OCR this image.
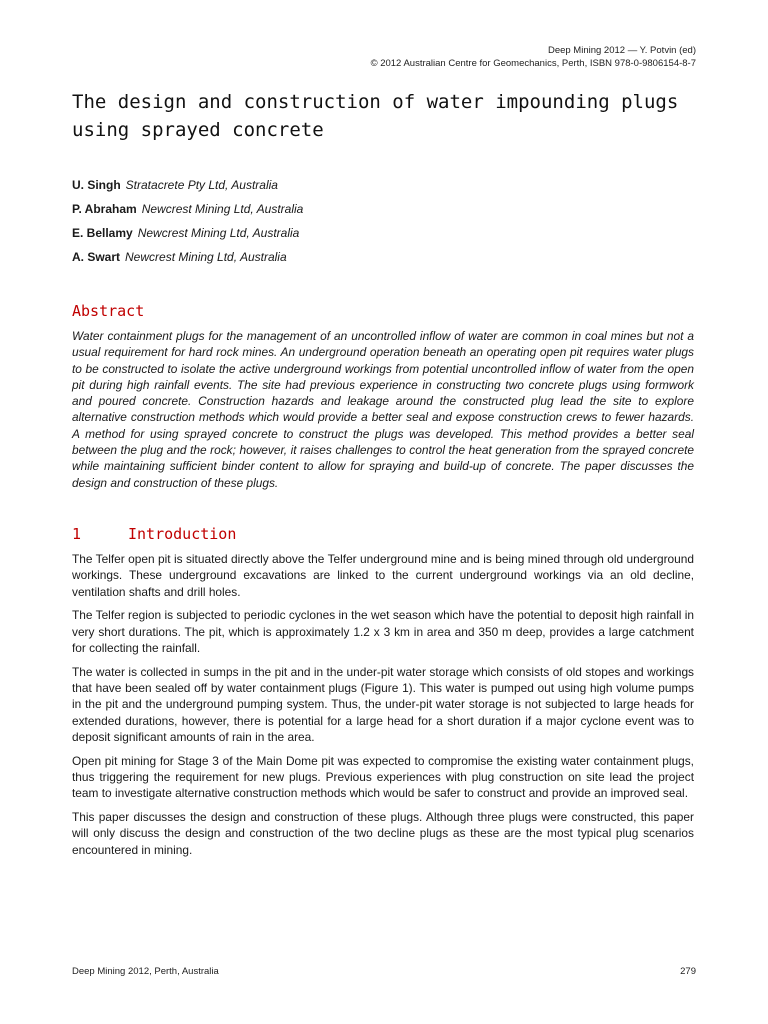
Deep Mining 2012 — Y. Potvin (ed)
© 2012 Australian Centre for Geomechanics, Perth, ISBN 978-0-9806154-8-7
The design and construction of water impounding plugs using sprayed concrete
U. Singh Stratacrete Pty Ltd, Australia
P. Abraham Newcrest Mining Ltd, Australia
E. Bellamy Newcrest Mining Ltd, Australia
A. Swart Newcrest Mining Ltd, Australia
Abstract

Water containment plugs for the management of an uncontrolled inflow of water are common in coal mines but not a usual requirement for hard rock mines. An underground operation beneath an operating open pit requires water plugs to be constructed to isolate the active underground workings from potential uncontrolled inflow of water from the open pit during high rainfall events. The site had previous experience in constructing two concrete plugs using formwork and poured concrete. Construction hazards and leakage around the constructed plug lead the site to explore alternative construction methods which would provide a better seal and expose construction crews to fewer hazards. A method for using sprayed concrete to construct the plugs was developed. This method provides a better seal between the plug and the rock; however, it raises challenges to control the heat generation from the sprayed concrete while maintaining sufficient binder content to allow for spraying and build-up of concrete. The paper discusses the design and construction of these plugs.

1	Introduction

The Telfer open pit is situated directly above the Telfer underground mine and is being mined through old underground workings. These underground excavations are linked to the current underground workings via an old decline, ventilation shafts and drill holes.

The Telfer region is subjected to periodic cyclones in the wet season which have the potential to deposit high rainfall in very short durations. The pit, which is approximately 1.2 x 3 km in area and 350 m deep, provides a large catchment for collecting the rainfall.

The water is collected in sumps in the pit and in the under-pit water storage which consists of old stopes and workings that have been sealed off by water containment plugs (Figure 1). This water is pumped out using high volume pumps in the pit and the underground pumping system. Thus, the under-pit water storage is not subjected to large heads for extended durations, however, there is potential for a large head for a short duration if a major cyclone event was to deposit significant amounts of rain in the area.

Open pit mining for Stage 3 of the Main Dome pit was expected to compromise the existing water containment plugs, thus triggering the requirement for new plugs. Previous experiences with plug construction on site lead the project team to investigate alternative construction methods which would be safer to construct and provide an improved seal.

This paper discusses the design and construction of these plugs. Although three plugs were constructed, this paper will only discuss the design and construction of the two decline plugs as these are the most typical plug scenarios encountered in mining.

Deep Mining 2012, Perth, Australia	279
